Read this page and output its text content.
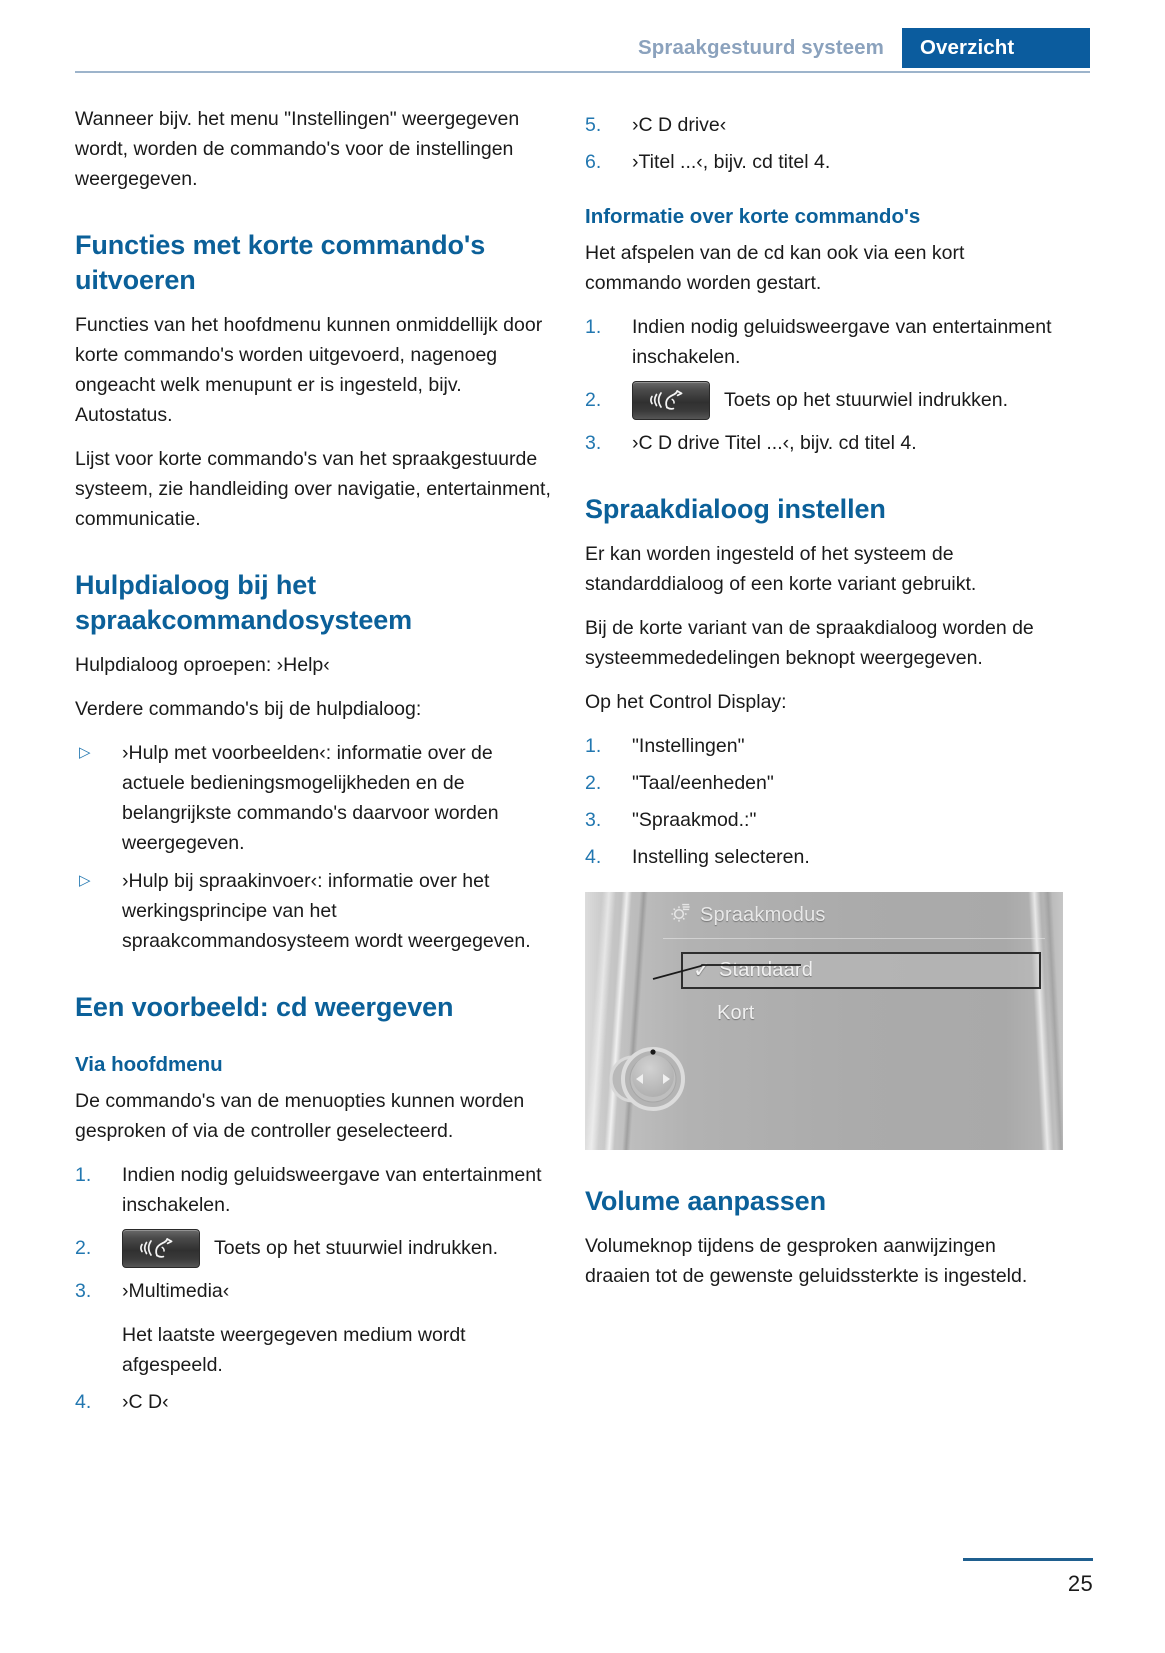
Spraakgestuurd systeem	Overzicht

Wanneer bijv. het menu "Instellingen" weergegeven wordt, worden de commando's voor de instellingen weergegeven.

Functies met korte commando's uitvoeren

Functies van het hoofdmenu kunnen onmiddellijk door korte commando's worden uitgevoerd, nagenoeg ongeacht welk menupunt er is ingesteld, bijv. Autostatus.

Lijst voor korte commando's van het spraakgestuurde systeem, zie handleiding over navigatie, entertainment, communicatie.

Hulpdialoog bij het spraakcommandosysteem

Hulpdialoog oproepen: ›Help‹

Verdere commando's bij de hulpdialoog:

▷ ›Hulp met voorbeelden‹: informatie over de actuele bedieningsmogelijkheden en de belangrijkste commando's daarvoor worden weergegeven.
▷ ›Hulp bij spraakinvoer‹: informatie over het werkingsprincipe van het spraakcommandosysteem wordt weergegeven.
Een voorbeeld: cd weergeven
Via hoofdmenu

De commando's van de menuopties kunnen worden gesproken of via de controller geselecteerd.

1.	Indien nodig geluidsweergave van entertainment inschakelen.
2.	Toets op het stuurwiel indrukken.
3.	›Multimedia‹
Het laatste weergegeven medium wordt afgespeeld.
4.	›C D‹
5.	›C D drive‹
6.	›Titel ...‹, bijv. cd titel 4.
Informatie over korte commando's

Het afspelen van de cd kan ook via een kort commando worden gestart.

1.	Indien nodig geluidsweergave van entertainment inschakelen.
2.	Toets op het stuurwiel indrukken.
3.	›C D drive Titel ...‹, bijv. cd titel 4.
Spraakdialoog instellen

Er kan worden ingesteld of het systeem de standarddialoog of een korte variant gebruikt.

Bij de korte variant van de spraakdialoog worden de systeemmededelingen beknopt weergegeven.

Op het Control Display:

1.	"Instellingen"
2.	"Taal/eenheden"
3.	"Spraakmod.:"
4.	Instelling selecteren.
Spraakmodus
✓ Standaard
Kort
Volume aanpassen

Volumeknop tijdens de gesproken aanwijzingen draaien tot de gewenste geluidssterkte is ingesteld.

25
